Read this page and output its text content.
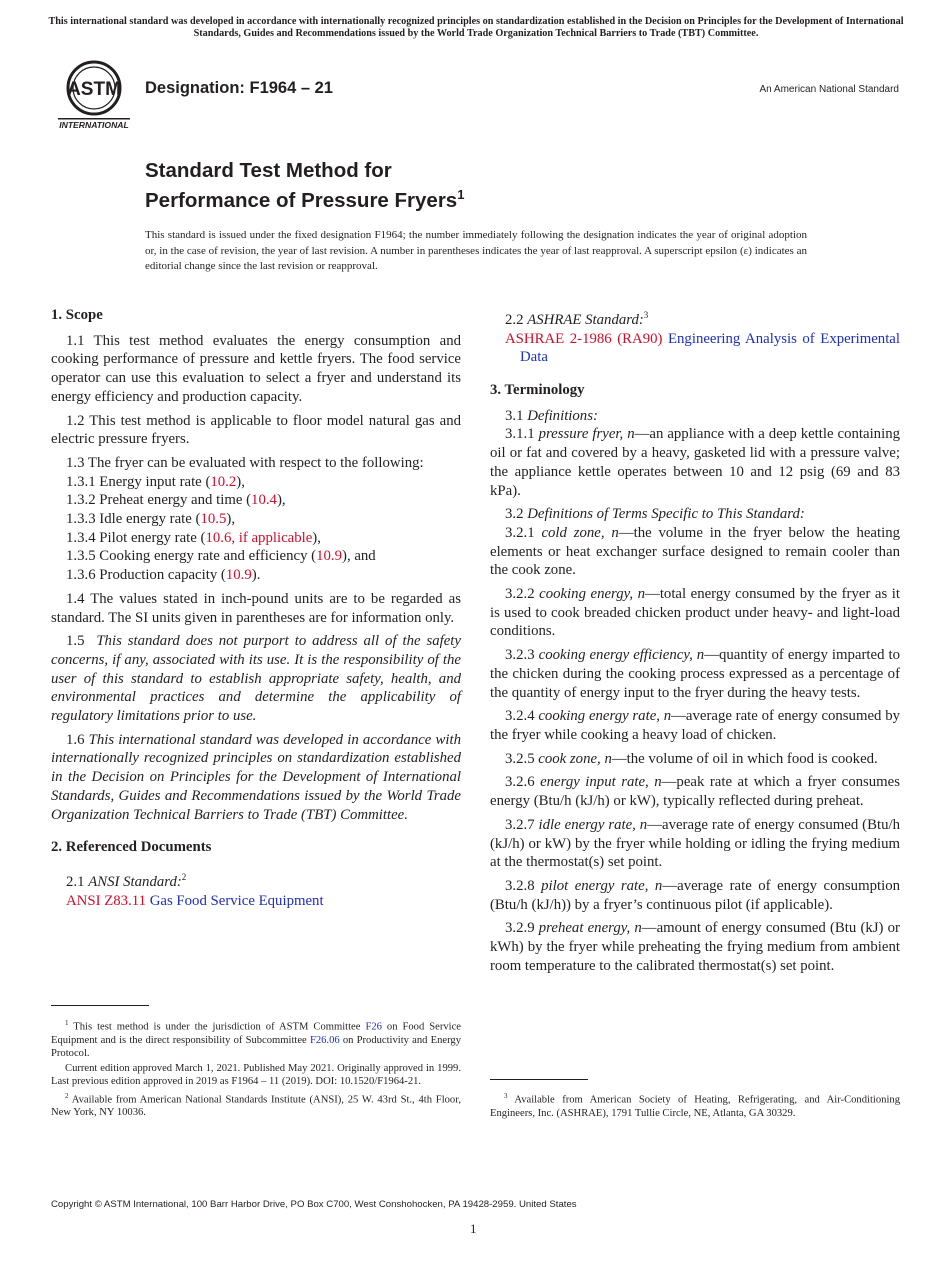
This international standard was developed in accordance with internationally recognized principles on standardization established in the Decision on Principles for the Development of International Standards, Guides and Recommendations issued by the World Trade Organization Technical Barriers to Trade (TBT) Committee.
ASTM
INTERNATIONAL
Designation: F1964 – 21	An American National Standard
Standard Test Method for
Performance of Pressure Fryers$^1$
This standard is issued under the fixed designation F1964; the number immediately following the designation indicates the year of original adoption or, in the case of revision, the year of last revision. A number in parentheses indicates the year of last reapproval. A superscript epsilon (ε) indicates an editorial change since the last revision or reapproval.
1. Scope

1.1 This test method evaluates the energy consumption and cooking performance of pressure and kettle fryers. The food service operator can use this evaluation to select a fryer and understand its energy efficiency and production capacity.

1.2 This test method is applicable to floor model natural gas and electric pressure fryers.

1.3 The fryer can be evaluated with respect to the following:

1.3.1 Energy input rate (10.2),

1.3.2 Preheat energy and time (10.4),

1.3.3 Idle energy rate (10.5),

1.3.4 Pilot energy rate (10.6, if applicable),

1.3.5 Cooking energy rate and efficiency (10.9), and

1.3.6 Production capacity (10.9).

1.4 The values stated in inch-pound units are to be regarded as standard. The SI units given in parentheses are for information only.

1.5 This standard does not purport to address all of the safety concerns, if any, associated with its use. It is the responsibility of the user of this standard to establish appropriate safety, health, and environmental practices and determine the applicability of regulatory limitations prior to use.

1.6 This international standard was developed in accordance with internationally recognized principles on standardization established in the Decision on Principles for the Development of International Standards, Guides and Recommendations issued by the World Trade Organization Technical Barriers to Trade (TBT) Committee.

2. Referenced Documents

2.1 ANSI Standard:$^2$

ANSI Z83.11 Gas Food Service Equipment

$^1$ This test method is under the jurisdiction of ASTM Committee F26 on Food Service Equipment and is the direct responsibility of Subcommittee F26.06 on Productivity and Energy Protocol.

Current edition approved March 1, 2021. Published May 2021. Originally approved in 1999. Last previous edition approved in 2019 as F1964 – 11 (2019). DOI: 10.1520/F1964-21.

$^2$ Available from American National Standards Institute (ANSI), 25 W. 43rd St., 4th Floor, New York, NY 10036.

2.2 ASHRAE Standard:$^3$

ASHRAE 2-1986 (RA90) Engineering Analysis of Experimental Data

3. Terminology

3.1 Definitions:

3.1.1 pressure fryer, n—an appliance with a deep kettle containing oil or fat and covered by a heavy, gasketed lid with a pressure valve; the appliance kettle operates between 10 and 12 psig (69 and 83 kPa).

3.2 Definitions of Terms Specific to This Standard:

3.2.1 cold zone, n—the volume in the fryer below the heating elements or heat exchanger surface designed to remain cooler than the cook zone.

3.2.2 cooking energy, n—total energy consumed by the fryer as it is used to cook breaded chicken product under heavy- and light-load conditions.

3.2.3 cooking energy efficiency, n—quantity of energy imparted to the chicken during the cooking process expressed as a percentage of the quantity of energy input to the fryer during the heavy tests.

3.2.4 cooking energy rate, n—average rate of energy consumed by the fryer while cooking a heavy load of chicken.

3.2.5 cook zone, n—the volume of oil in which food is cooked.

3.2.6 energy input rate, n—peak rate at which a fryer consumes energy (Btu/h (kJ/h) or kW), typically reflected during preheat.

3.2.7 idle energy rate, n—average rate of energy consumed (Btu/h (kJ/h) or kW) by the fryer while holding or idling the frying medium at the thermostat(s) set point.

3.2.8 pilot energy rate, n—average rate of energy consumption (Btu/h (kJ/h)) by a fryer’s continuous pilot (if applicable).

3.2.9 preheat energy, n—amount of energy consumed (Btu (kJ) or kWh) by the fryer while preheating the frying medium from ambient room temperature to the calibrated thermostat(s) set point.

$^3$ Available from American Society of Heating, Refrigerating, and Air-Conditioning Engineers, Inc. (ASHRAE), 1791 Tullie Circle, NE, Atlanta, GA 30329.

Copyright © ASTM International, 100 Barr Harbor Drive, PO Box C700, West Conshohocken, PA 19428-2959. United States
1
